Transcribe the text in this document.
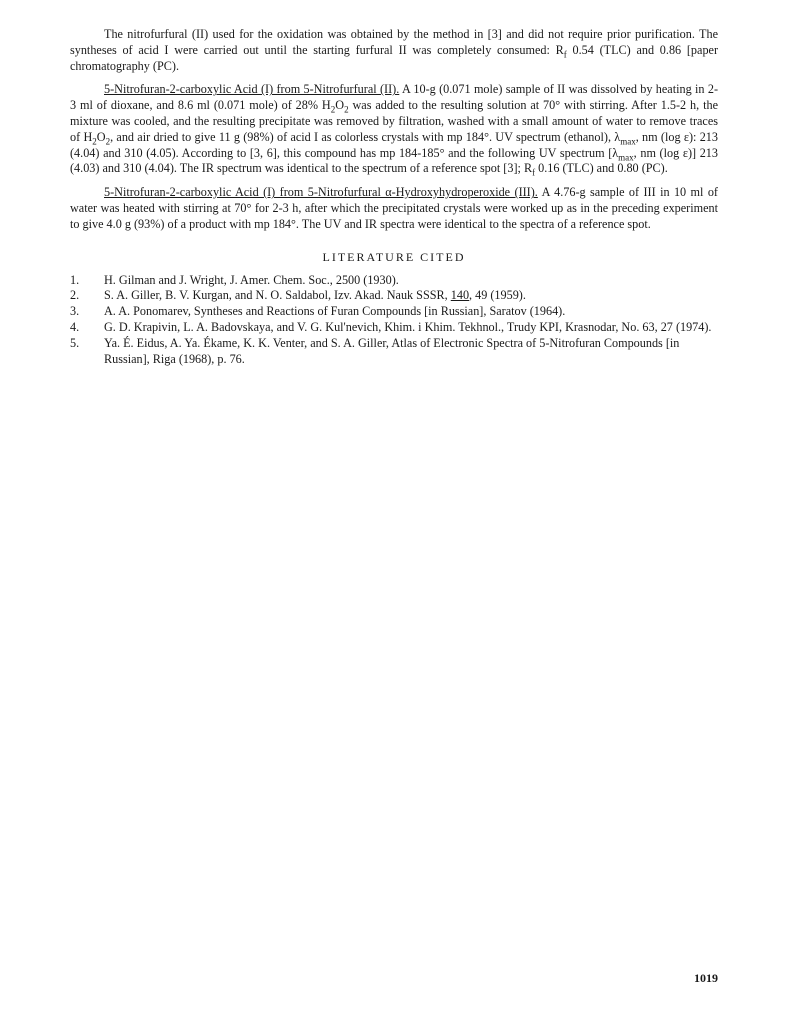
The nitrofurfural (II) used for the oxidation was obtained by the method in [3] and did not require prior purification. The syntheses of acid I were carried out until the starting furfural II was completely consumed: $R_f$ 0.54 (TLC) and 0.86 [paper chromatography (PC).

5-Nitrofuran-2-carboxylic Acid (I) from 5-Nitrofurfural (II). A 10-g (0.071 mole) sample of II was dissolved by heating in 2-3 ml of dioxane, and 8.6 ml (0.071 mole) of 28% $H_2O_2$ was added to the resulting solution at 70° with stirring. After 1.5-2 h, the mixture was cooled, and the resulting precipitate was removed by filtration, washed with a small amount of water to remove traces of $H_2O_2$, and air dried to give 11 g (98%) of acid I as colorless crystals with mp 184°. UV spectrum (ethanol), $\lambda_{max}$, nm (log ε): 213 (4.04) and 310 (4.05). According to [3, 6], this compound has mp 184-185° and the following UV spectrum [$\lambda_{max}$, nm (log ε)] 213 (4.03) and 310 (4.04). The IR spectrum was identical to the spectrum of a reference spot [3]; $R_f$ 0.16 (TLC) and 0.80 (PC).

5-Nitrofuran-2-carboxylic Acid (I) from 5-Nitrofurfural α-Hydroxyhydroperoxide (III). A 4.76-g sample of III in 10 ml of water was heated with stirring at 70° for 2-3 h, after which the precipitated crystals were worked up as in the preceding experiment to give 4.0 g (93%) of a product with mp 184°. The UV and IR spectra were identical to the spectra of a reference spot.

LITERATURE CITED
1.	H. Gilman and J. Wright, J. Amer. Chem. Soc., 2500 (1930).
2.	S. A. Giller, B. V. Kurgan, and N. O. Saldabol, Izv. Akad. Nauk SSSR, 140, 49 (1959).
3.	A. A. Ponomarev, Syntheses and Reactions of Furan Compounds [in Russian], Saratov (1964).
4.	G. D. Krapivin, L. A. Badovskaya, and V. G. Kul'nevich, Khim. i Khim. Tekhnol., Trudy KPI, Krasnodar, No. 63, 27 (1974).
5.	Ya. É. Eidus, A. Ya. Ékame, K. K. Venter, and S. A. Giller, Atlas of Electronic Spectra of 5-Nitrofuran Compounds [in Russian], Riga (1968), p. 76.
1019
